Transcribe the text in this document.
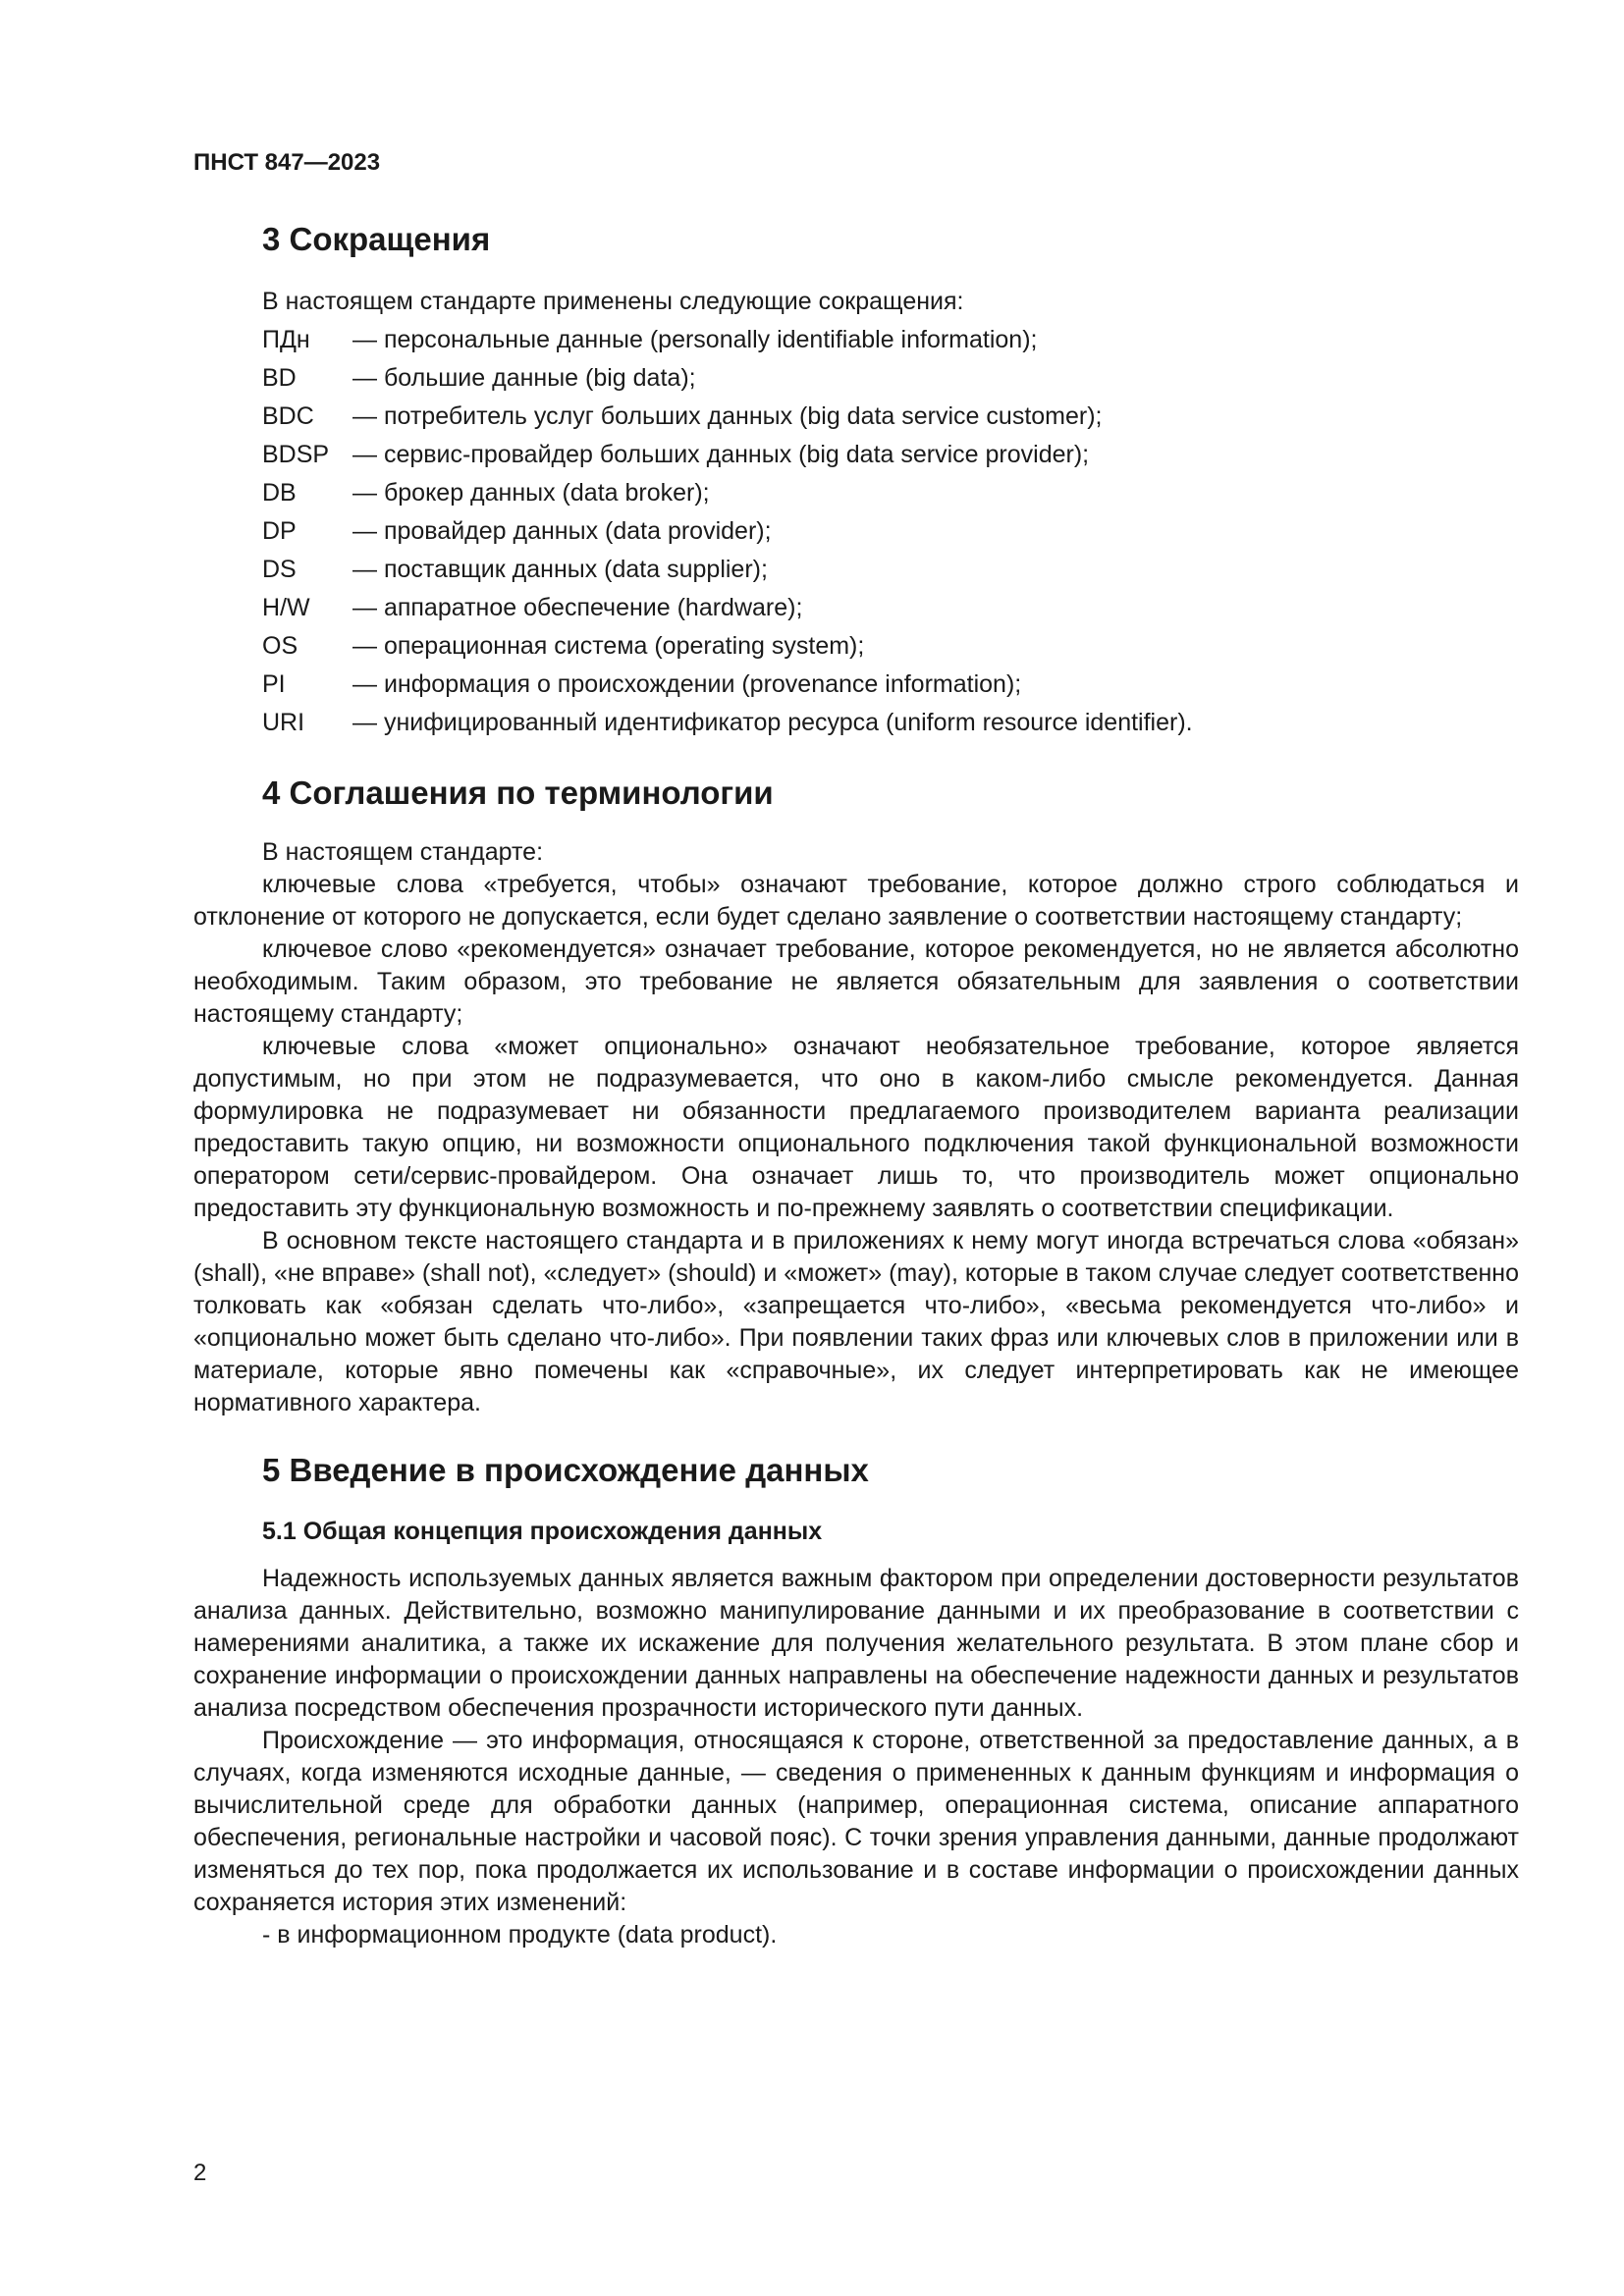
ПНСТ 847—2023
3 Сокращения
В настоящем стандарте применены следующие сокращения:
ПДн	— персональные данные (personally identifiable information);
BD	— большие данные (big data);
BDC	— потребитель услуг больших данных (big data service customer);
BDSP — сервис-провайдер больших данных (big data service provider);
DB	— брокер данных (data broker);
DP	— провайдер данных (data provider);
DS	— поставщик данных (data supplier);
H/W	— аппаратное обеспечение (hardware);
OS	— операционная система (operating system);
PI	— информация о происхождении (provenance information);
URI	— унифицированный идентификатор ресурса (uniform resource identifier).
4 Соглашения по терминологии

В настоящем стандарте:

ключевые слова «требуется, чтобы» означают требование, которое должно строго соблюдаться и отклонение от которого не допускается, если будет сделано заявление о соответствии настоящему стандарту;

ключевое слово «рекомендуется» означает требование, которое рекомендуется, но не является абсолютно необходимым. Таким образом, это требование не является обязательным для заявления о соответствии настоящему стандарту;

ключевые слова «может опционально» означают необязательное требование, которое является допустимым, но при этом не подразумевается, что оно в каком-либо смысле рекомендуется. Данная формулировка не подразумевает ни обязанности предлагаемого производителем варианта реализации предоставить такую опцию, ни возможности опционального подключения такой функциональной возможности оператором сети/сервис-провайдером. Она означает лишь то, что производитель может опционально предоставить эту функциональную возможность и по-прежнему заявлять о соответствии спецификации.

В основном тексте настоящего стандарта и в приложениях к нему могут иногда встречаться слова «обязан» (shall), «не вправе» (shall not), «следует» (should) и «может» (may), которые в таком случае следует соответственно толковать как «обязан сделать что-либо», «запрещается что-либо», «весьма рекомендуется что-либо» и «опционально может быть сделано что-либо». При появлении таких фраз или ключевых слов в приложении или в материале, которые явно помечены как «справочные», их следует интерпретировать как не имеющее нормативного характера.

5 Введение в происхождение данных
5.1 Общая концепция происхождения данных

Надежность используемых данных является важным фактором при определении достоверности результатов анализа данных. Действительно, возможно манипулирование данными и их преобразование в соответствии с намерениями аналитика, а также их искажение для получения желательного результата. В этом плане сбор и сохранение информации о происхождении данных направлены на обеспечение надежности данных и результатов анализа посредством обеспечения прозрачности исторического пути данных.

Происхождение — это информация, относящаяся к стороне, ответственной за предоставление данных, а в случаях, когда изменяются исходные данные, — сведения о примененных к данным функциям и информация о вычислительной среде для обработки данных (например, операционная система, описание аппаратного обеспечения, региональные настройки и часовой пояс). С точки зрения управления данными, данные продолжают изменяться до тех пор, пока продолжается их использование и в составе информации о происхождении данных сохраняется история этих изменений:

- в информационном продукте (data product).

2
